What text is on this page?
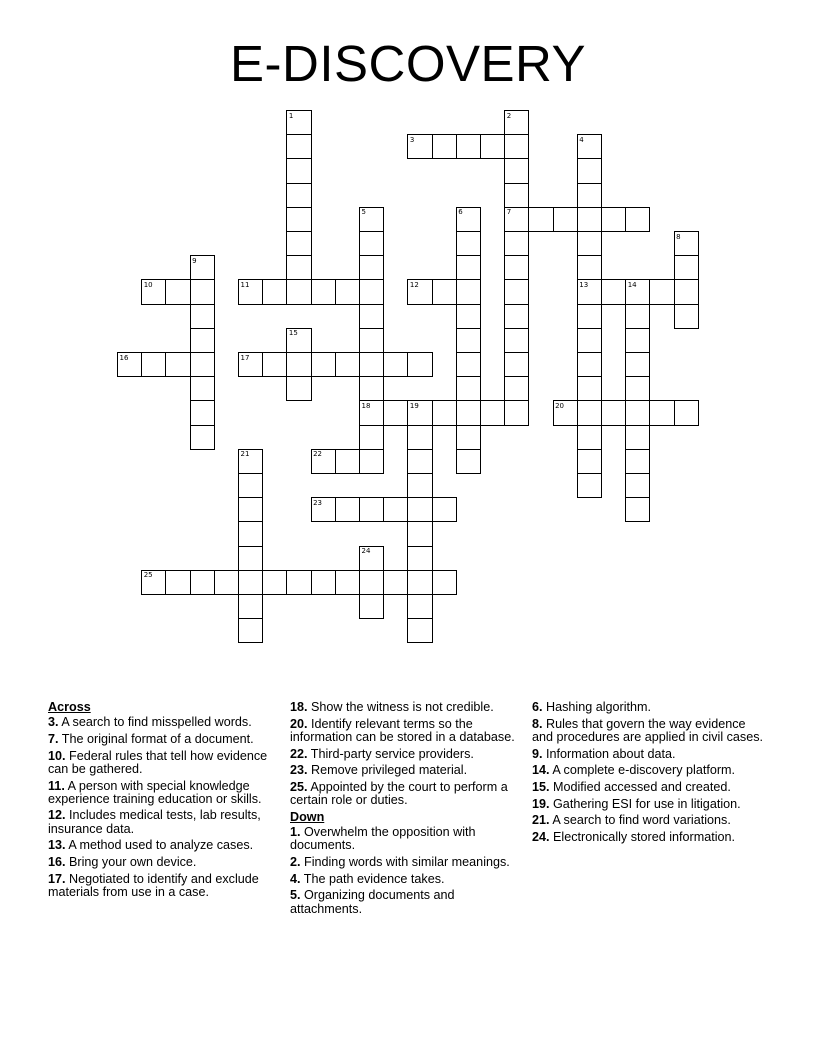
E-DISCOVERY
1	2
3	4
5	6	7
8
9
10	11	12	13	14
15
16	17
18	19	20
21	22
23
24
25
Across
3. A search to find misspelled words.
7. The original format of a document.
10. Federal rules that tell how evidence can be gathered.
11. A person with special knowledge experience training education or skills.
12. Includes medical tests, lab results, insurance data.
13. A method used to analyze cases.
16. Bring your own device.
17. Negotiated to identify and exclude materials from use in a case.
18. Show the witness is not credible.
20. Identify relevant terms so the information can be stored in a database.
22. Third-party service providers.
23. Remove privileged material.
25. Appointed by the court to perform a certain role or duties.
Down
1. Overwhelm the opposition with documents.
2. Finding words with similar meanings.
4. The path evidence takes.
5. Organizing documents and attachments.
6. Hashing algorithm.
8. Rules that govern the way evidence and procedures are applied in civil cases.
9. Information about data.
14. A complete e-discovery platform.
15. Modified accessed and created.
19. Gathering ESI for use in litigation.
21. A search to find word variations.
24. Electronically stored information.
